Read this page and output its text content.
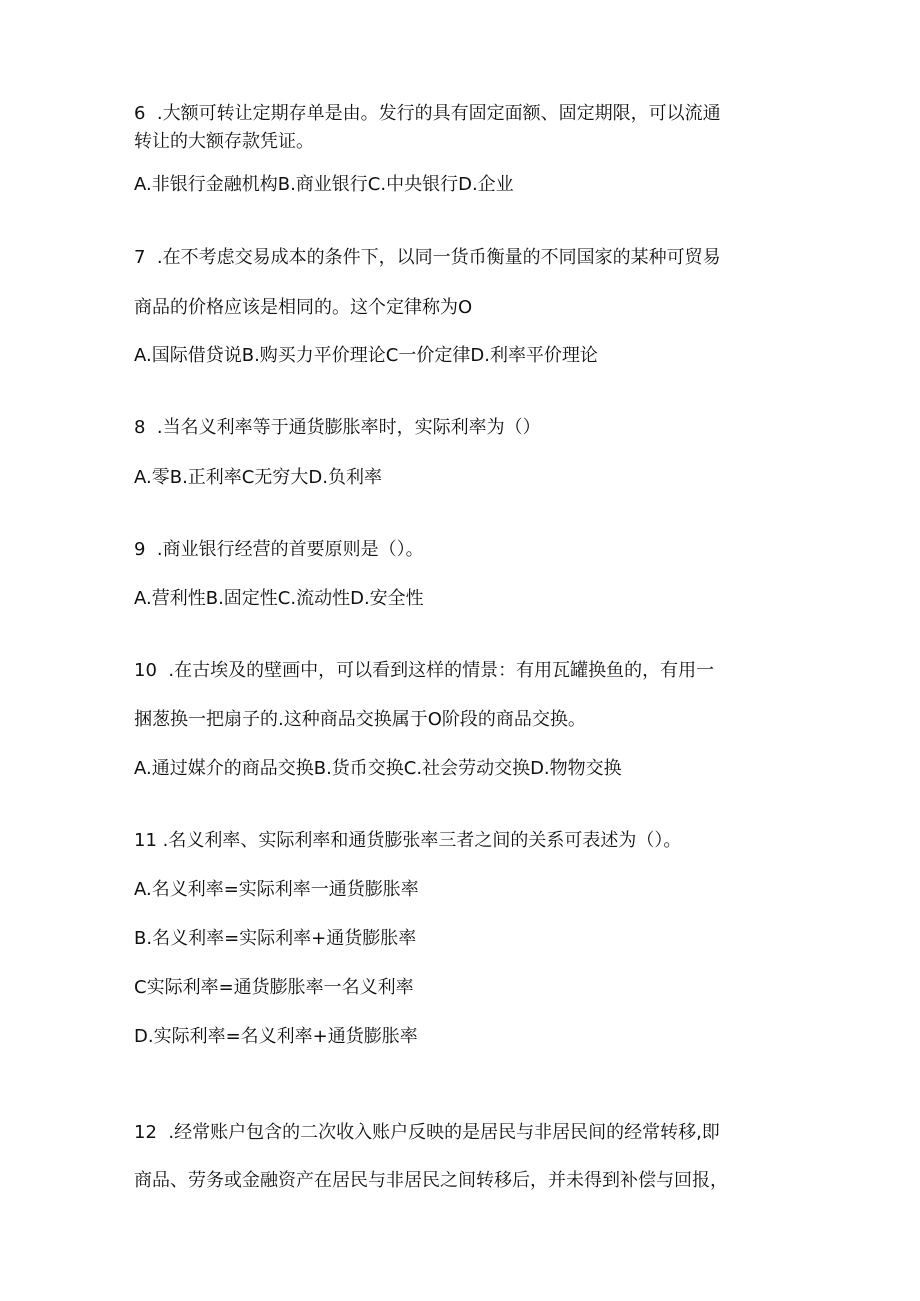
6  .大额可转让定期存单是由。发行的具有固定面额、固定期限，可以流通
转让的大额存款凭证。
A.非银行金融机构B.商业银行C.中央银行D.企业
7  .在不考虑交易成本的条件下，以同一货币衡量的不同国家的某种可贸易
商品的价格应该是相同的。这个定律称为O
A.国际借贷说B.购买力平价理论C一价定律D.利率平价理论
8  .当名义利率等于通货膨胀率时，实际利率为（）
A.零B.正利率C无穷大D.负利率
9  .商业银行经营的首要原则是（）。
A.营利性B.固定性C.流动性D.安全性
10  .在古埃及的壁画中，可以看到这样的情景：有用瓦罐换鱼的，有用一
捆葱换一把扇子的.这种商品交换属于O阶段的商品交换。
A.通过媒介的商品交换B.货币交换C.社会劳动交换D.物物交换
11 .名义利率、实际利率和通货膨张率三者之间的关系可表述为（）。
A.名义利率=实际利率一通货膨胀率
B.名义利率=实际利率+通货膨胀率
C实际利率=通货膨胀率一名义利率
D.实际利率=名义利率+通货膨胀率
12  .经常账户包含的二次收入账户反映的是居民与非居民间的经常转移,即
商品、劳务或金融资产在居民与非居民之间转移后，并未得到补偿与回报，
